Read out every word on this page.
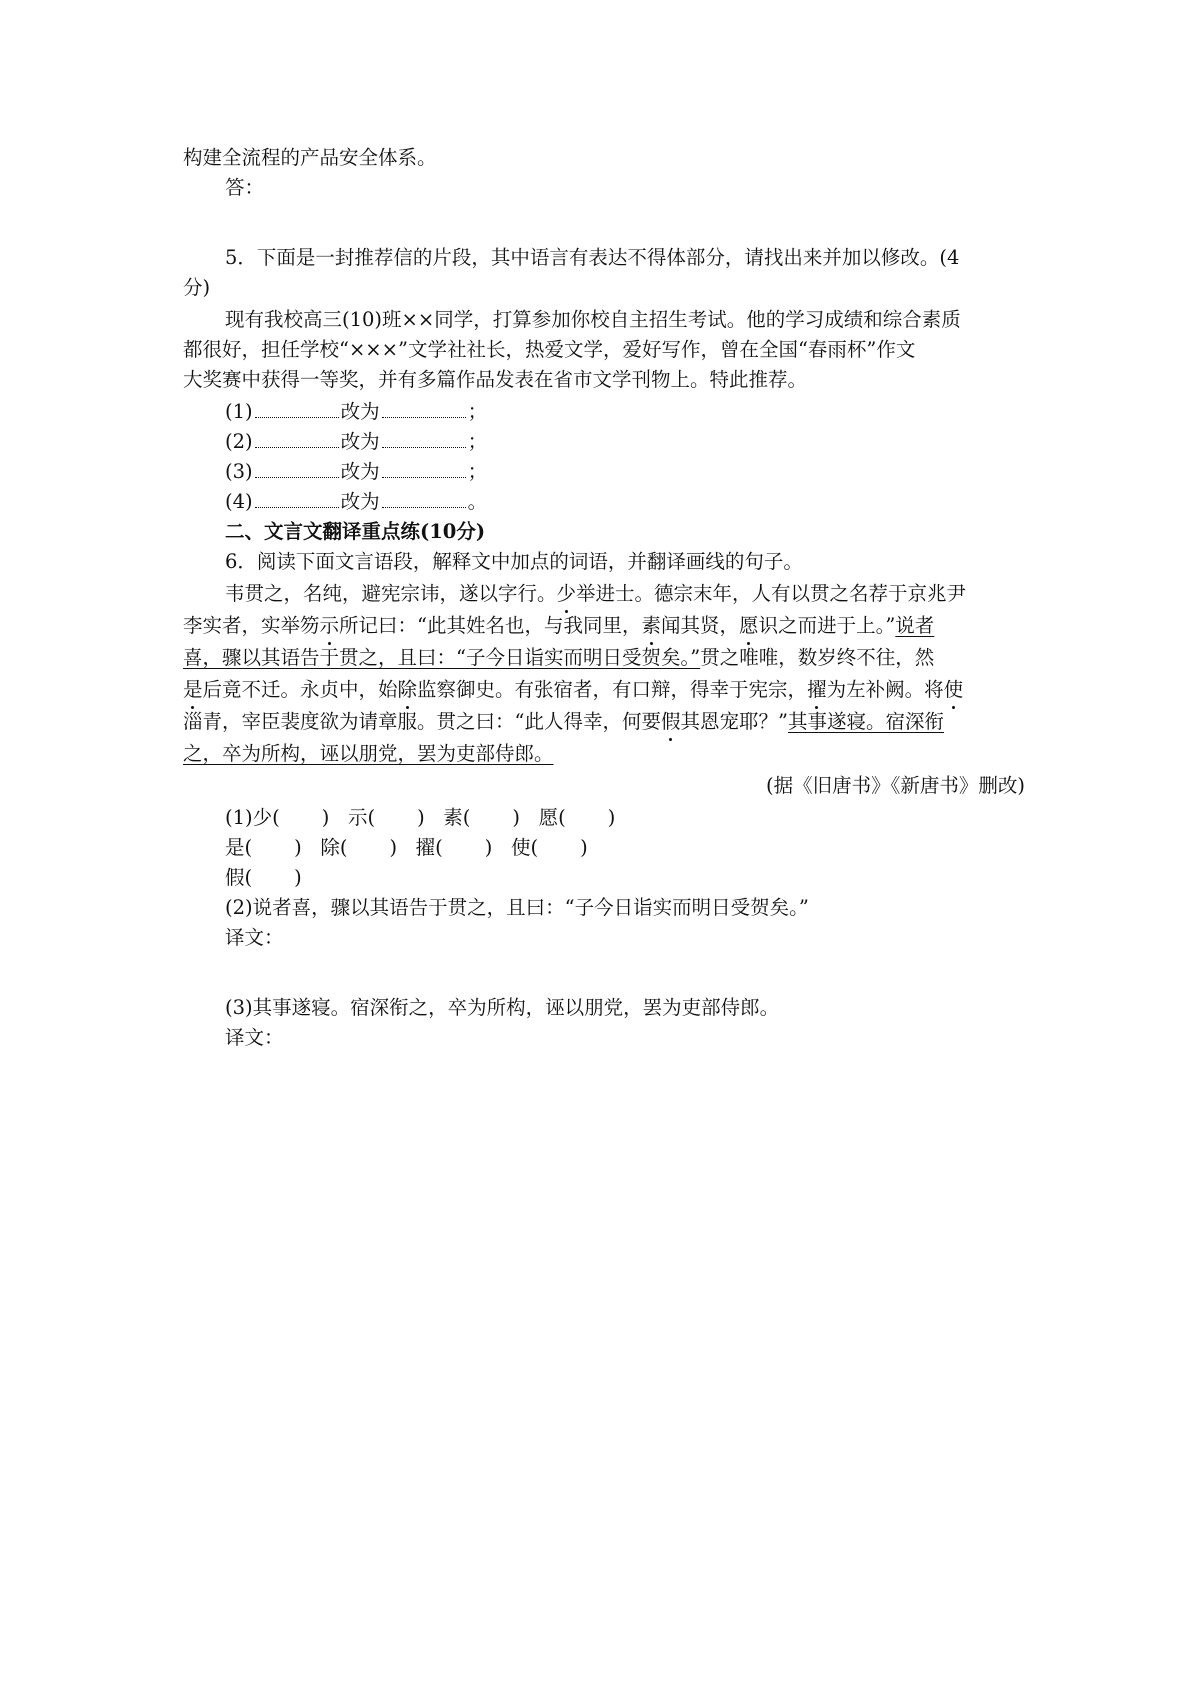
构建全流程的产品安全体系。
答：
5．下面是一封推荐信的片段，其中语言有表达不得体部分，请找出来并加以修改。(4
分)
现有我校高三(10)班××同学，打算参加你校自主招生考试。他的学习成绩和综合素质
都很好，担任学校“×××”文学社社长，热爱文学，爱好写作，曾在全国“春雨杯”作文
大奖赛中获得一等奖，并有多篇作品发表在省市文学刊物上。特此推荐。
(1)	改为	；
(2)	改为	；
(3)	改为	；
(4)	改为	。
二、文言文翻译重点练(10分)
6．阅读下面文言语段，解释文中加点的词语，并翻译画线的句子。
韦贯之，名纯，避宪宗讳，遂以字行。少举进士。德宗末年，人有以贯之名荐于京兆尹
李实者，实举笏示所记曰：“此其姓名也，与我同里，素闻其贤，愿识之而进于上。”说者
喜，骤以其语告于贯之，且曰：“子今日诣实而明日受贺矣。”贯之唯唯，数岁终不往，然
是后竟不迁。永贞中，始除监察御史。有张宿者，有口辩，得幸于宪宗，擢为左补阙。将使
淄青，宰臣裴度欲为请章服。贯之曰：“此人得幸，何要假其恩宠耶？”其事遂寝。宿深衔
之，卒为所构，诬以朋党，罢为吏部侍郎。
(据《旧唐书》《新唐书》删改)
(1)少( ) 示( ) 素( ) 愿( )
是( ) 除( ) 擢( ) 使( )
假( )
(2)说者喜，骤以其语告于贯之，且曰：“子今日诣实而明日受贺矣。”
译文：
(3)其事遂寝。宿深衔之，卒为所构，诬以朋党，罢为吏部侍郎。
译文：
